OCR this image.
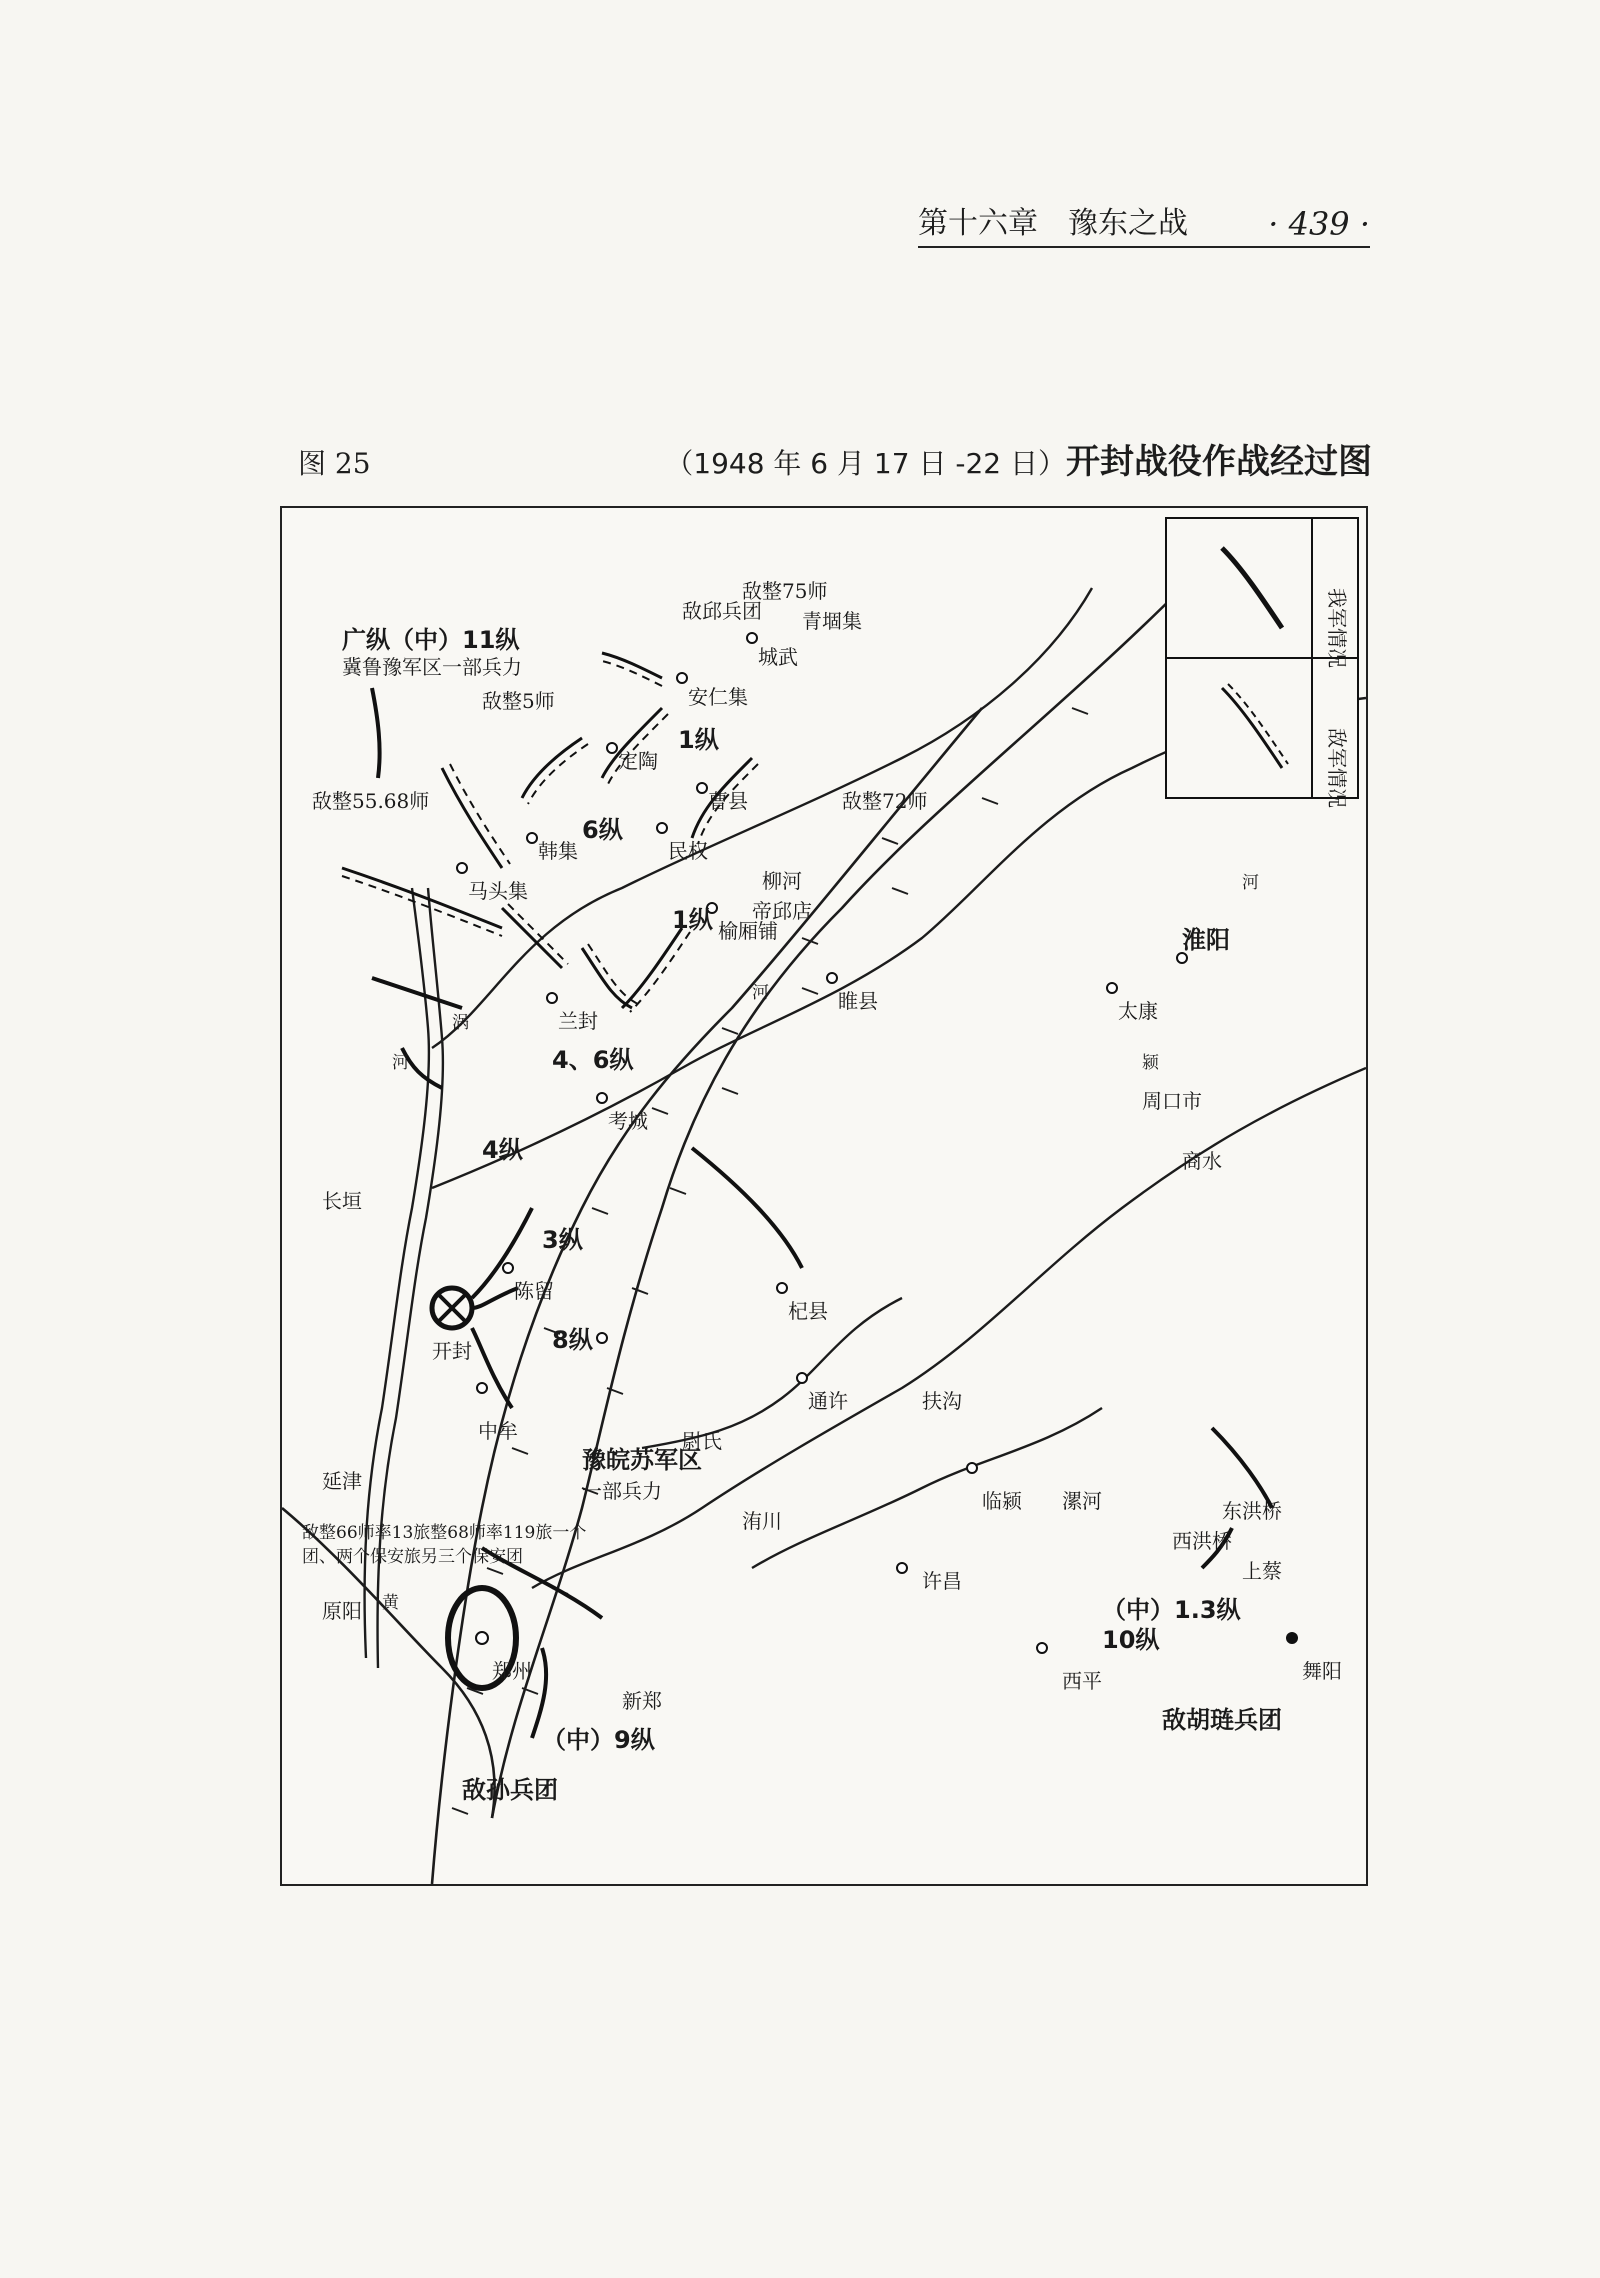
第十六章　豫东之战	· 439 ·
图 25	（1948 年 6 月 17 日 -22 日）开封战役作战经过图
我军情况
敌军情况
郑州
开封
中牟
陈留
兰封
考城
民权
曹县
马头集
韩集
定陶
安仁集
城武
青堌集
柳河
帝邱店
榆厢铺
睢县
杞县
通许
太康
淮阳
周口市
商水
尉氏
扶沟
洧川
新郑
许昌
临颍 漯河
西平	舞阳
西洪桥
东洪桥
上蔡
延津
原阳
长垣
黄
河
涡
河
河
颍
广纵（中）11纵
冀鲁豫军区一部兵力
6纵
1纵
1纵
4纵
4、6纵
3纵
8纵
豫皖苏军区
一部兵力
（中）9纵
（中）1.3纵
10纵
敌整5师
敌邱兵团
敌整75师
敌整72师
敌整55.68师
敌整66师率13旅整68师率119旅一个
团、两个保安旅另三个保安团
敌孙兵团
敌胡琏兵团
